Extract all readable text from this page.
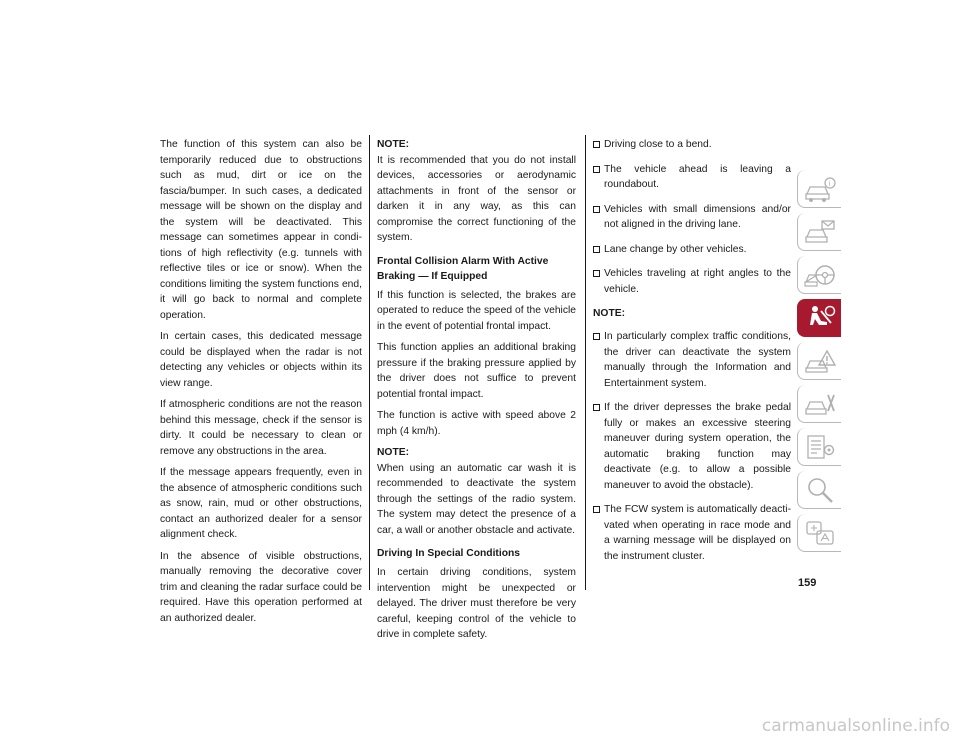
The function of this system can also be temporarily reduced due to obstructions such as mud, dirt or ice on the fascia/bumper. In such cases, a dedicated message will be shown on the display and the system will be deactivated. This message can sometimes appear in conditions of high reflectivity (e.g. tunnels with reflective tiles or ice or snow). When the conditions limiting the system functions end, it will go back to normal and complete operation.

In certain cases, this dedicated message could be displayed when the radar is not detecting any vehicles or objects within its view range.

If atmospheric conditions are not the reason behind this message, check if the sensor is dirty. It could be necessary to clean or remove any obstructions in the area.

If the message appears frequently, even in the absence of atmospheric conditions such as snow, rain, mud or other obstructions, contact an authorized dealer for a sensor alignment check.

In the absence of visible obstructions, manually removing the decorative cover trim and cleaning the radar surface could be required. Have this operation performed at an authorized dealer.

NOTE:
It is recommended that you do not install devices, accessories or aerodynamic attachments in front of the sensor or darken it in any way, as this can compromise the correct functioning of the system.

Frontal Collision Alarm With Active Braking — If Equipped

If this function is selected, the brakes are operated to reduce the speed of the vehicle in the event of potential frontal impact.

This function applies an additional braking pressure if the braking pressure applied by the driver does not suffice to prevent potential frontal impact.

The function is active with speed above 2 mph (4 km/h).

NOTE:
When using an automatic car wash it is recommended to deactivate the system through the settings of the radio system. The system may detect the presence of a car, a wall or another obstacle and activate.

Driving In Special Conditions

In certain driving conditions, system intervention might be unexpected or delayed. The driver must therefore be very careful, keeping control of the vehicle to drive in complete safety.

Driving close to a bend.
The vehicle ahead is leaving a roundabout.
Vehicles with small dimensions and/or not aligned in the driving lane.
Lane change by other vehicles.
Vehicles traveling at right angles to the vehicle.
NOTE:
In particularly complex traffic conditions, the driver can deactivate the system manually through the Information and Entertainment system.
If the driver depresses the brake pedal fully or makes an excessive steering maneuver during system operation, the automatic braking function may deactivate (e.g. to allow a possible maneuver to avoid the obstacle).
The FCW system is automatically deactivated when operating in race mode and a warning message will be displayed on the instrument cluster.
i
159
carmanualsonline.info
